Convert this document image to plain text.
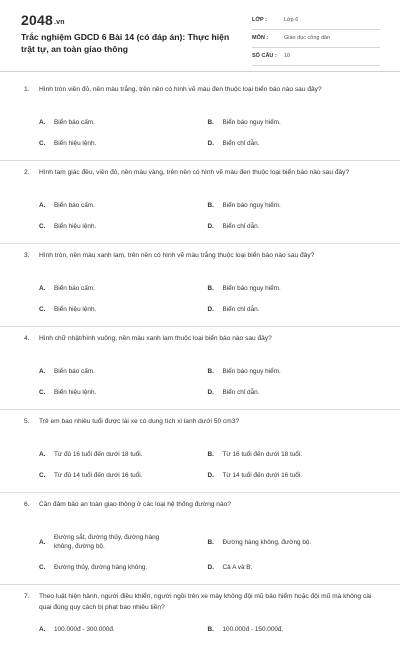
2048.vn
Trắc nghiệm GDCD 6 Bài 14 (có đáp án): Thực hiện trật tự, an toàn giao thông
LỚP :	Lớp 6
MÔN :	Giáo dục công dân
SỐ CÂU : 10
1. Hình tròn viền đỏ, nền màu trắng, trên nền có hình vẽ màu đen thuộc loại biển báo nào sau đây?
A. Biển báo cấm.	B. Biển báo nguy hiểm.
C. Biển hiệu lệnh.	D. Biển chỉ dẫn.
2. Hình tam giác đều, viền đỏ, nền màu vàng, trên nền có hình vẽ màu đen thuộc loại biển báo nào sau đây?
A. Biển báo cấm.	B. Biển báo nguy hiểm.
C. Biển hiệu lệnh.	D. Biển chỉ dẫn.
3. Hình tròn, nền màu xanh lam, trên nền có hình vẽ màu trắng thuộc loại biển báo nào sau đây?
A. Biển báo cấm.	B. Biển báo nguy hiểm.
C. Biển hiệu lệnh.	D. Biển chỉ dẫn.
4. Hình chữ nhật/hình vuông, nền màu xanh lam thuộc loại biển báo nào sau đây?
A. Biển báo cấm.	B. Biển báo nguy hiểm.
C. Biển hiệu lệnh.	D. Biển chỉ dẫn.
5. Trẻ em bao nhiêu tuổi được lái xe có dung tích xi lanh dưới 50 cm3?
A. Từ đủ 16 tuổi đến dưới 18 tuổi.	B. Từ 16 tuổi đến dưới 18 tuổi.
C. Từ đủ 14 tuổi đến dưới 16 tuổi.	D. Từ 14 tuổi đến dưới 16 tuổi.
6. Cần đảm bảo an toàn giao thông ở các loại hệ thống đường nào?
A.
Đường sắt, đường thủy, đường hàng không, đường bộ.
B. Đường hàng không, đường bộ.
C. Đường thủy, đường hàng không.	D. Cả A và B.
7. Theo luật hiện hành, người điều khiển, người ngồi trên xe máy không đội mũ bảo hiểm hoặc đội mũ mà không cài quai đúng quy cách bị phạt bao nhiêu tiền?
A. 100.000đ - 300.000đ.	B. 100.000đ - 150.000đ.
